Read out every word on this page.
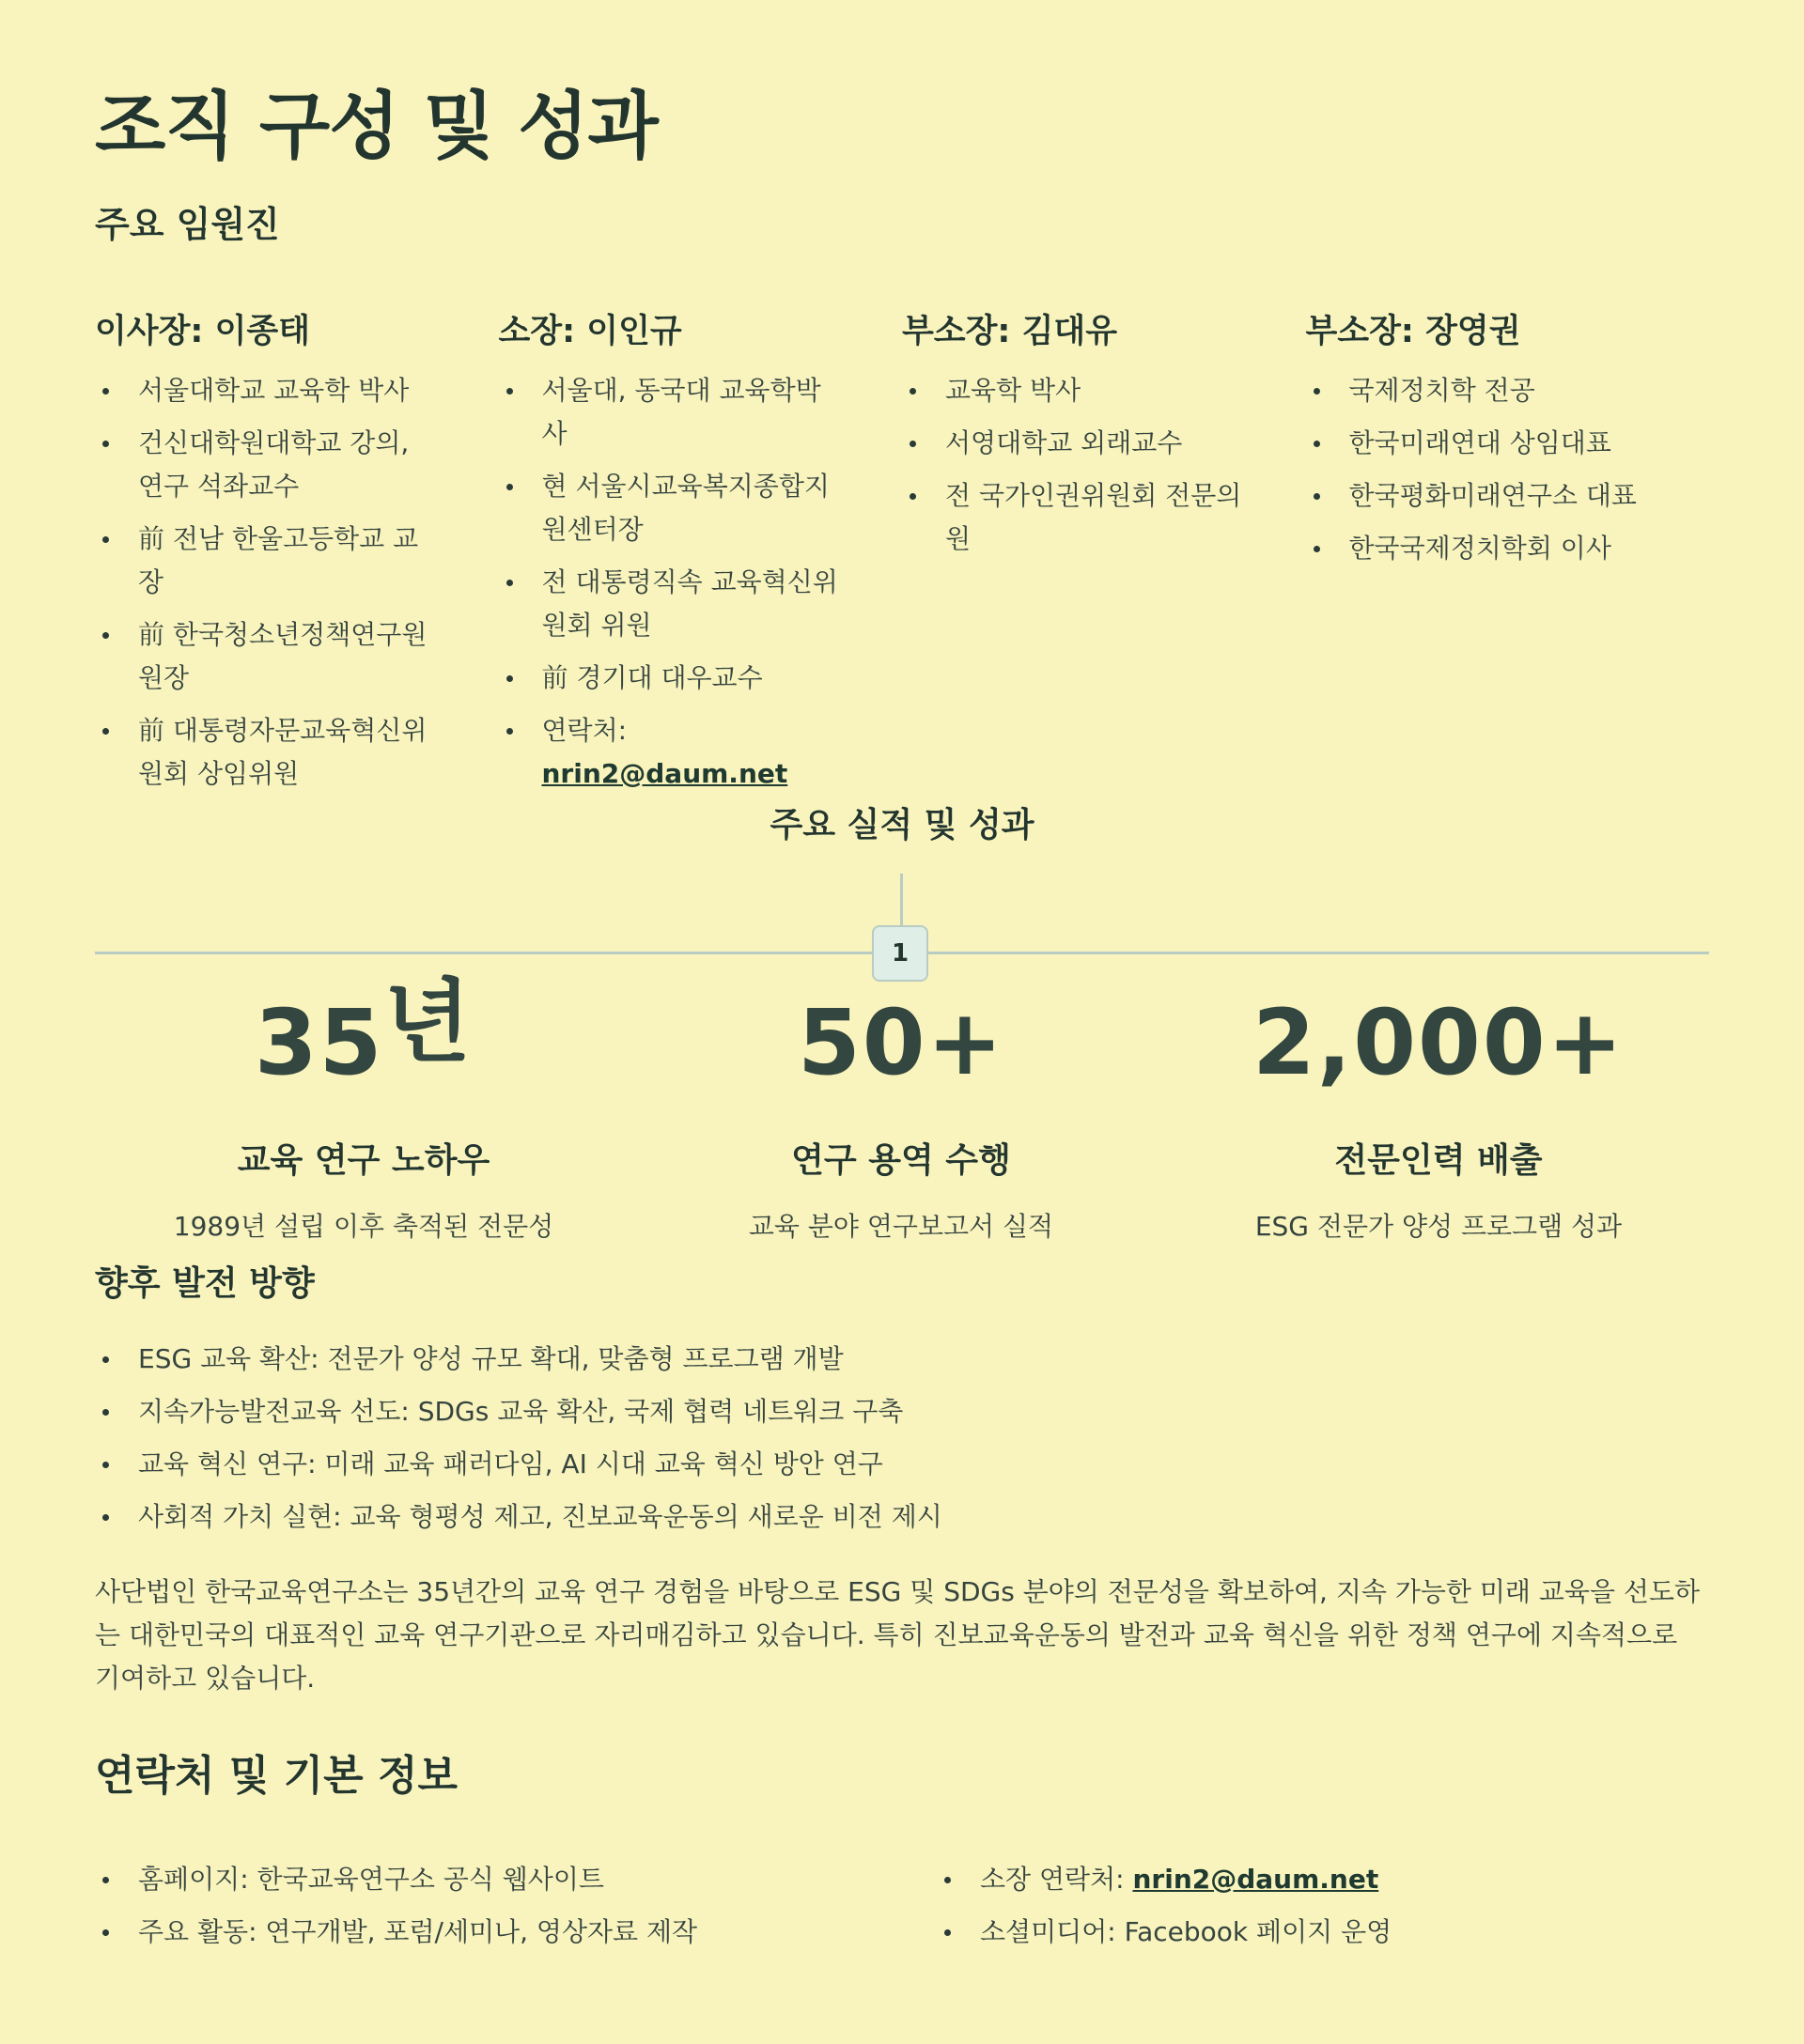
조직 구성 및 성과
주요 임원진
이사장: 이종태
서울대학교 교육학 박사
건신대학원대학교 강의, 연구 석좌교수
前 전남 한울고등학교 교장
前 한국청소년정책연구원 원장
前 대통령자문교육혁신위원회 상임위원
소장: 이인규
서울대, 동국대 교육학박사
현 서울시교육복지종합지원센터장
전 대통령직속 교육혁신위원회 위원
前 경기대 대우교수
연락처: nrin2@daum.net
부소장: 김대유
교육학 박사
서영대학교 외래교수
전 국가인권위원회 전문의원
부소장: 장영권
국제정치학 전공
한국미래연대 상임대표
한국평화미래연구소 대표
한국국제정치학회 이사
주요 실적 및 성과
1
35년
교육 연구 노하우
1989년 설립 이후 축적된 전문성
50+
연구 용역 수행
교육 분야 연구보고서 실적
2,000+
전문인력 배출
ESG 전문가 양성 프로그램 성과
향후 발전 방향
ESG 교육 확산: 전문가 양성 규모 확대, 맞춤형 프로그램 개발
지속가능발전교육 선도: SDGs 교육 확산, 국제 협력 네트워크 구축
교육 혁신 연구: 미래 교육 패러다임, AI 시대 교육 혁신 방안 연구
사회적 가치 실현: 교육 형평성 제고, 진보교육운동의 새로운 비전 제시

사단법인 한국교육연구소는 35년간의 교육 연구 경험을 바탕으로 ESG 및 SDGs 분야의 전문성을 확보하여, 지속 가능한 미래 교육을 선도하는 대한민국의 대표적인 교육 연구기관으로 자리매김하고 있습니다. 특히 진보교육운동의 발전과 교육 혁신을 위한 정책 연구에 지속적으로 기여하고 있습니다.

연락처 및 기본 정보
홈페이지: 한국교육연구소 공식 웹사이트
주요 활동: 연구개발, 포럼/세미나, 영상자료 제작
소장 연락처: nrin2@daum.net
소셜미디어: Facebook 페이지 운영
